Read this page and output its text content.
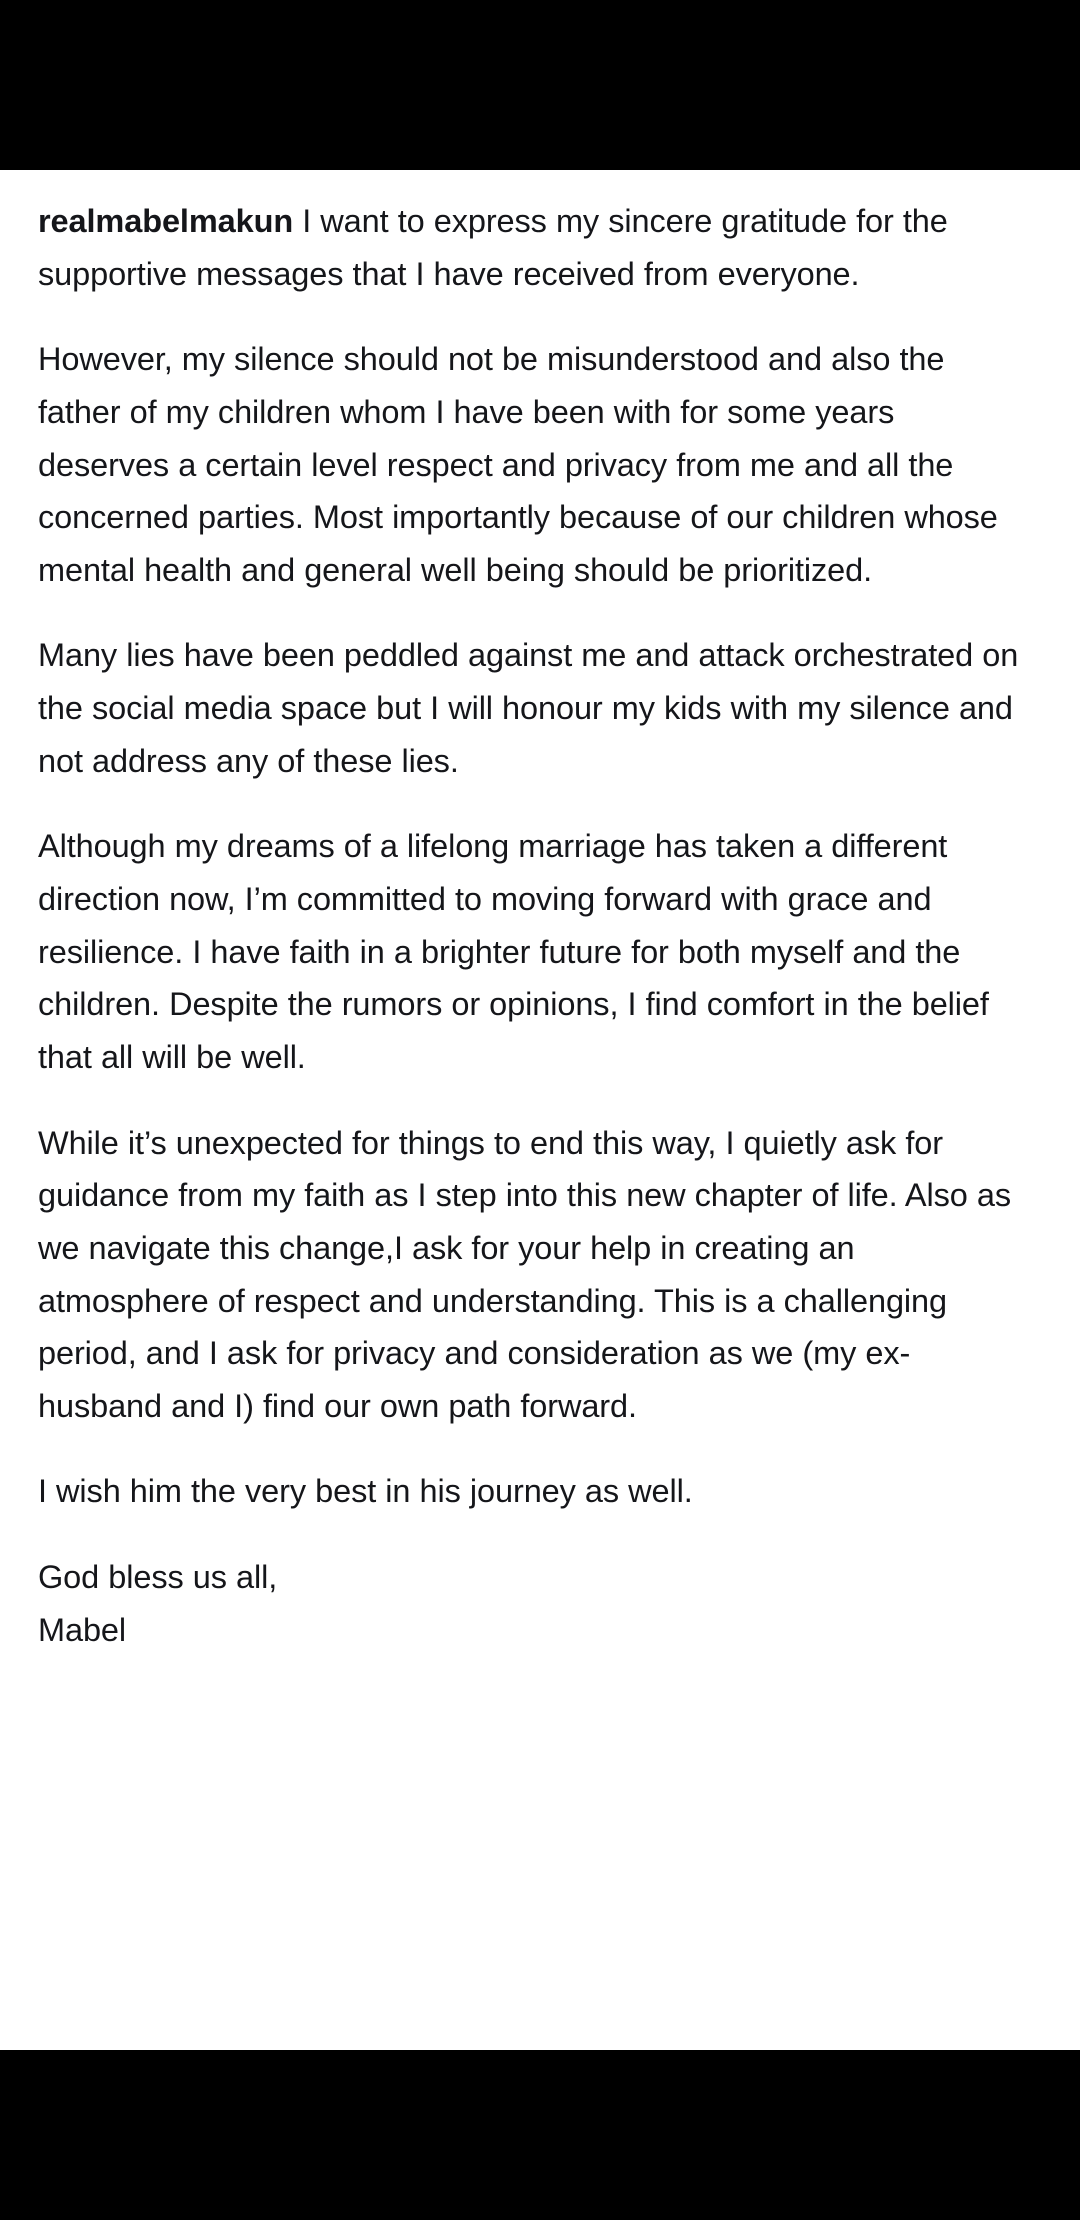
realmabelmakun I want to express my sincere gratitude for the supportive messages that I have received from everyone.

However, my silence should not be misunderstood and also the father of my children whom I have been with for some years deserves a certain level respect and privacy from me and all the concerned parties. Most importantly because of our children whose mental health and general well being should be prioritized.

Many lies have been peddled against me and attack orchestrated on the social media space but I will honour my kids with my silence and not address any of these lies.

Although my dreams of a lifelong marriage has taken a different direction now, I’m committed to moving forward with grace and resilience. I have faith in a brighter future for both myself and the children. Despite the rumors or opinions, I find comfort in the belief that all will be well.

While it’s unexpected for things to end this way, I quietly ask for guidance from my faith as I step into this new chapter of life. Also as we navigate this change,I ask for your help in creating an atmosphere of respect and understanding. This is a challenging period, and I ask for privacy and consideration as we (my ex-husband and I) find our own path forward.

I wish him the very best in his journey as well.

God bless us all,

Mabel
